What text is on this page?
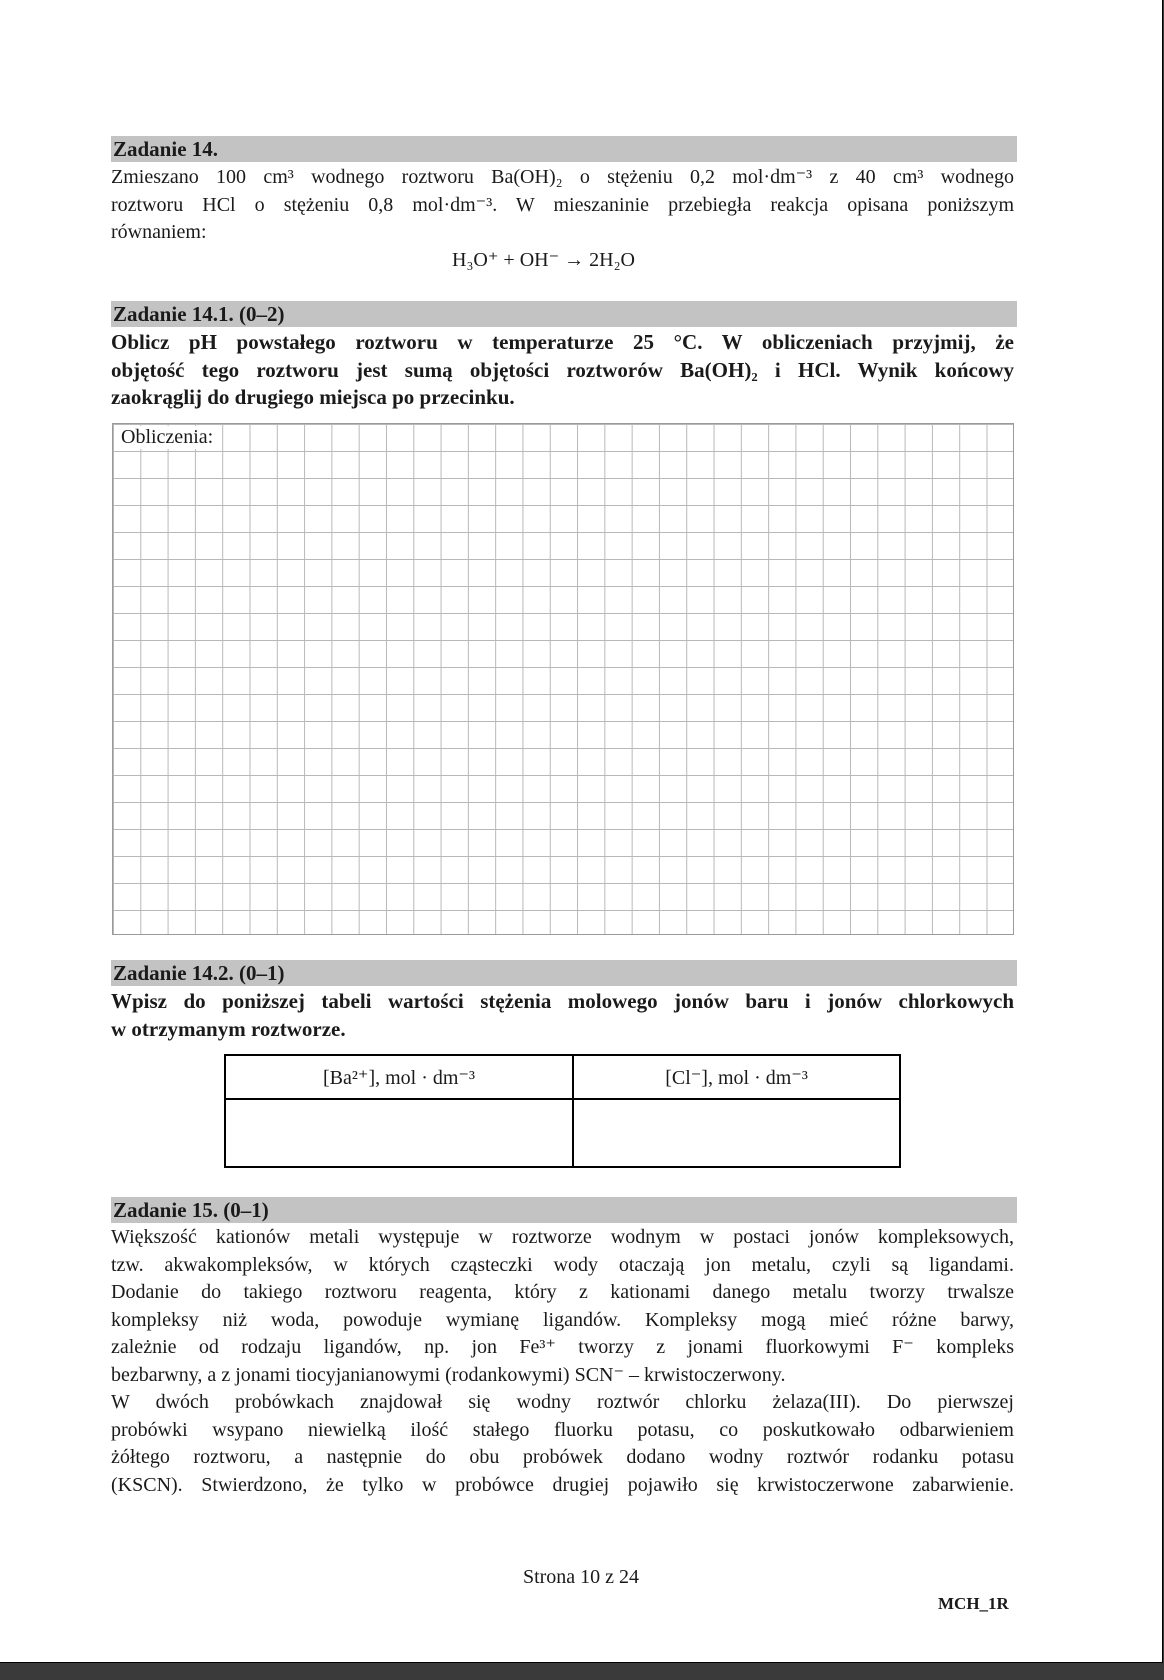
Zadanie 14.
Zmieszano 100 cm³ wodnego roztworu Ba(OH)₂ o stężeniu 0,2 mol·dm⁻³ z 40 cm³ wodnego
roztworu HCl o stężeniu 0,8 mol·dm⁻³. W mieszaninie przebiegła reakcja opisana poniższym
równaniem:
H₃O⁺ + OH⁻ → 2H₂O
Zadanie 14.1. (0–2)
Oblicz pH powstałego roztworu w temperaturze 25 °C. W obliczeniach przyjmij, że
objętość tego roztworu jest sumą objętości roztworów Ba(OH)₂ i HCl. Wynik końcowy
zaokrąglij do drugiego miejsca po przecinku.
Obliczenia:
Zadanie 14.2. (0–1)
Wpisz do poniższej tabeli wartości stężenia molowego jonów baru i jonów chlorkowych
w otrzymanym roztworze.
[Ba²⁺], mol · dm⁻³	[Cl⁻], mol · dm⁻³

Zadanie 15. (0–1)
Większość kationów metali występuje w roztworze wodnym w postaci jonów kompleksowych,
tzw. akwakompleksów, w których cząsteczki wody otaczają jon metalu, czyli są ligandami.
Dodanie do takiego roztworu reagenta, który z kationami danego metalu tworzy trwalsze
kompleksy niż woda, powoduje wymianę ligandów. Kompleksy mogą mieć różne barwy,
zależnie od rodzaju ligandów, np. jon Fe³⁺ tworzy z jonami fluorkowymi F⁻ kompleks
bezbarwny, a z jonami tiocyjanianowymi (rodankowymi) SCN⁻ – krwistoczerwony.
W dwóch probówkach znajdował się wodny roztwór chlorku żelaza(III). Do pierwszej
probówki wsypano niewielką ilość stałego fluorku potasu, co poskutkowało odbarwieniem
żółtego roztworu, a następnie do obu probówek dodano wodny roztwór rodanku potasu
(KSCN). Stwierdzono, że tylko w probówce drugiej pojawiło się krwistoczerwone zabarwienie.
Strona 10 z 24
MCH_1R
